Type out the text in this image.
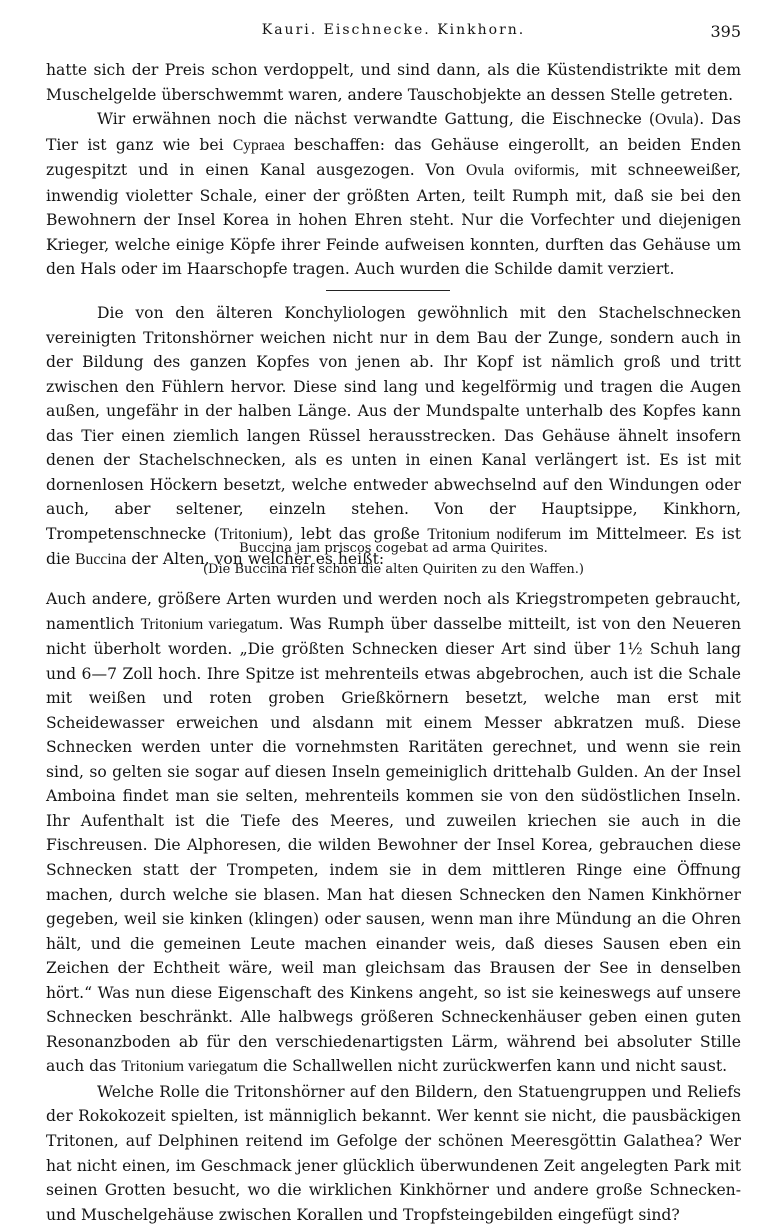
Kauri. Eischnecke. Kinkhorn.	395

hatte sich der Preis schon verdoppelt, und sind dann, als die Küstendistrikte mit dem Muschelgelde überschwemmt waren, andere Tauschobjekte an dessen Stelle getreten.

Wir erwähnen noch die nächst verwandte Gattung, die Eischnecke (Ovula). Das Tier ist ganz wie bei Cypraea beschaffen: das Gehäuse eingerollt, an beiden Enden zugespitzt und in einen Kanal ausgezogen. Von Ovula oviformis, mit schneeweißer, inwendig violetter Schale, einer der größten Arten, teilt Rumph mit, daß sie bei den Bewohnern der Insel Korea in hohen Ehren steht. Nur die Vorfechter und diejenigen Krieger, welche einige Köpfe ihrer Feinde aufweisen konnten, durften das Gehäuse um den Hals oder im Haarschopfe tragen. Auch wurden die Schilde damit verziert.

Die von den älteren Konchyliologen gewöhnlich mit den Stachelschnecken vereinigten Tritonshörner weichen nicht nur in dem Bau der Zunge, sondern auch in der Bildung des ganzen Kopfes von jenen ab. Ihr Kopf ist nämlich groß und tritt zwischen den Fühlern hervor. Diese sind lang und kegelförmig und tragen die Augen außen, ungefähr in der halben Länge. Aus der Mundspalte unterhalb des Kopfes kann das Tier einen ziemlich langen Rüssel herausstrecken. Das Gehäuse ähnelt insofern denen der Stachelschnecken, als es unten in einen Kanal verlängert ist. Es ist mit dornenlosen Höckern besetzt, welche entweder abwechselnd auf den Windungen oder auch, aber seltener, einzeln stehen. Von der Hauptsippe, Kinkhorn, Trompetenschnecke (Tritonium), lebt das große Tritonium nodiferum im Mittelmeer. Es ist die Buccina der Alten, von welcher es heißt:

Buccina jam priscos cogebat ad arma Quirites.
(Die Buccina rief schon die alten Quiriten zu den Waffen.)

Auch andere, größere Arten wurden und werden noch als Kriegstrompeten gebraucht, namentlich Tritonium variegatum. Was Rumph über dasselbe mitteilt, ist von den Neueren nicht überholt worden. „Die größten Schnecken dieser Art sind über 1½ Schuh lang und 6—7 Zoll hoch. Ihre Spitze ist mehrenteils etwas abgebrochen, auch ist die Schale mit weißen und roten groben Grießkörnern besetzt, welche man erst mit Scheidewasser erweichen und alsdann mit einem Messer abkratzen muß. Diese Schnecken werden unter die vornehmsten Raritäten gerechnet, und wenn sie rein sind, so gelten sie sogar auf diesen Inseln gemeiniglich drittehalb Gulden. An der Insel Amboina findet man sie selten, mehrenteils kommen sie von den südöstlichen Inseln. Ihr Aufenthalt ist die Tiefe des Meeres, und zuweilen kriechen sie auch in die Fischreusen. Die Alphoresen, die wilden Bewohner der Insel Korea, gebrauchen diese Schnecken statt der Trompeten, indem sie in dem mittleren Ringe eine Öffnung machen, durch welche sie blasen. Man hat diesen Schnecken den Namen Kinkhörner gegeben, weil sie kinken (klingen) oder sausen, wenn man ihre Mündung an die Ohren hält, und die gemeinen Leute machen einander weis, daß dieses Sausen eben ein Zeichen der Echtheit wäre, weil man gleichsam das Brausen der See in denselben hört.“ Was nun diese Eigenschaft des Kinkens angeht, so ist sie keineswegs auf unsere Schnecken beschränkt. Alle halbwegs größeren Schneckenhäuser geben einen guten Resonanzboden ab für den verschiedenartigsten Lärm, während bei absoluter Stille auch das Tritonium variegatum die Schallwellen nicht zurückwerfen kann und nicht saust.

Welche Rolle die Tritonshörner auf den Bildern, den Statuengruppen und Reliefs der Rokokozeit spielten, ist männiglich bekannt. Wer kennt sie nicht, die pausbäckigen Tritonen, auf Delphinen reitend im Gefolge der schönen Meeresgöttin Galathea? Wer hat nicht einen, im Geschmack jener glücklich überwundenen Zeit angelegten Park mit seinen Grotten besucht, wo die wirklichen Kinkhörner und andere große Schnecken- und Muschelgehäuse zwischen Korallen und Tropfsteingebilden eingefügt sind?
